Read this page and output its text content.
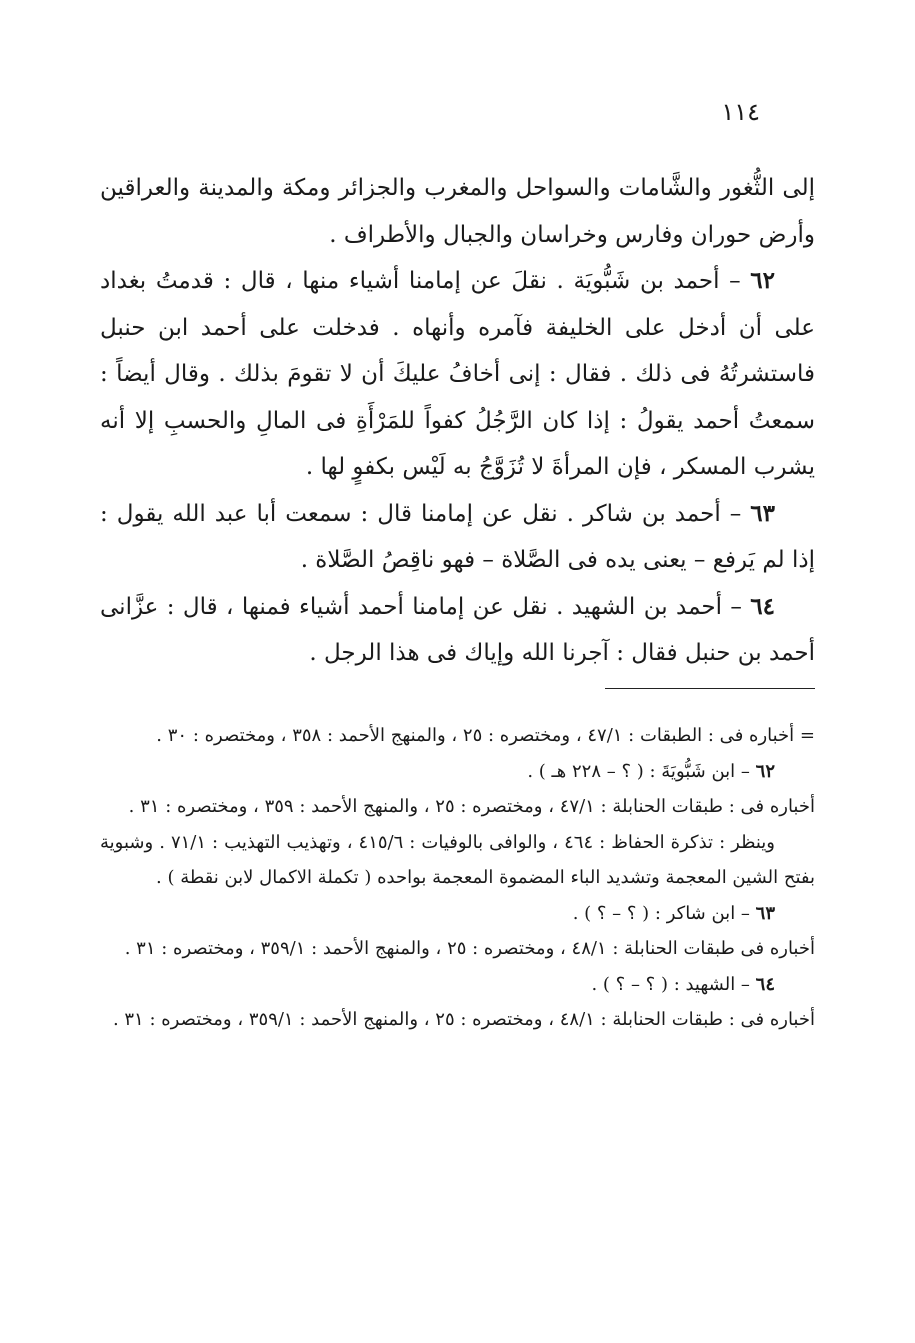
١١٤

إلى الثُّغور والشَّامات والسواحل والمغرب والجزائر ومكة والمدينة والعراقين وأرض حوران وفارس وخراسان والجبال والأطراف .

٦٢ – أحمد بن شَبُّويَة . نقلَ عن إمامنا أشياء منها ، قال : قدمتُ بغداد على أن أدخل على الخليفة فآمره وأنهاه . فدخلت على أحمد ابن حنبل فاستشرتُهُ فى ذلك . فقال : إنى أخافُ عليكَ أن لا تقومَ بذلك . وقال أيضاً : سمعتُ أحمد يقولُ : إذا كان الرَّجُلُ كفواً للمَرْأَةِ فى المالِ والحسبِ إلا أنه يشرب المسكر ، فإن المرأةَ لا تُزَوَّجُ به لَيْس بكفوٍ لها .

٦٣ – أحمد بن شاكر . نقل عن إمامنا قال : سمعت أبا عبد الله يقول : إذا لم يَرفع – يعنى يده فى الصَّلاة – فهو ناقِصُ الصَّلاة .

٦٤ – أحمد بن الشهيد . نقل عن إمامنا أحمد أشياء فمنها ، قال : عزَّانى أحمد بن حنبل فقال : آجرنا الله وإياك فى هذا الرجل .

= أخباره فى : الطبقات : ٤٧/١ ، ومختصره : ٢٥ ، والمنهج الأحمد : ٣٥٨ ، ومختصره : ٣٠ .

٦٢ – ابن شَبُّويَةَ : ( ؟ – ٢٢٨ هـ ) .

أخباره فى : طبقات الحنابلة : ٤٧/١ ، ومختصره : ٢٥ ، والمنهج الأحمد : ٣٥٩ ، ومختصره : ٣١ .

وينظر : تذكرة الحفاظ : ٤٦٤ ، والوافى بالوفيات : ٤١٥/٦ ، وتهذيب التهذيب : ٧١/١ . وشبوية بفتح الشين المعجمة وتشديد الباء المضموة المعجمة بواحده ( تكملة الاكمال لابن نقطة ) .

٦٣ – ابن شاكر : ( ؟ – ؟ ) .

أخباره فى طبقات الحنابلة : ٤٨/١ ، ومختصره : ٢٥ ، والمنهج الأحمد : ٣٥٩/١ ، ومختصره : ٣١ .

٦٤ – الشهيد : ( ؟ – ؟ ) .

أخباره فى : طبقات الحنابلة : ٤٨/١ ، ومختصره : ٢٥ ، والمنهج الأحمد : ٣٥٩/١ ، ومختصره : ٣١ .
